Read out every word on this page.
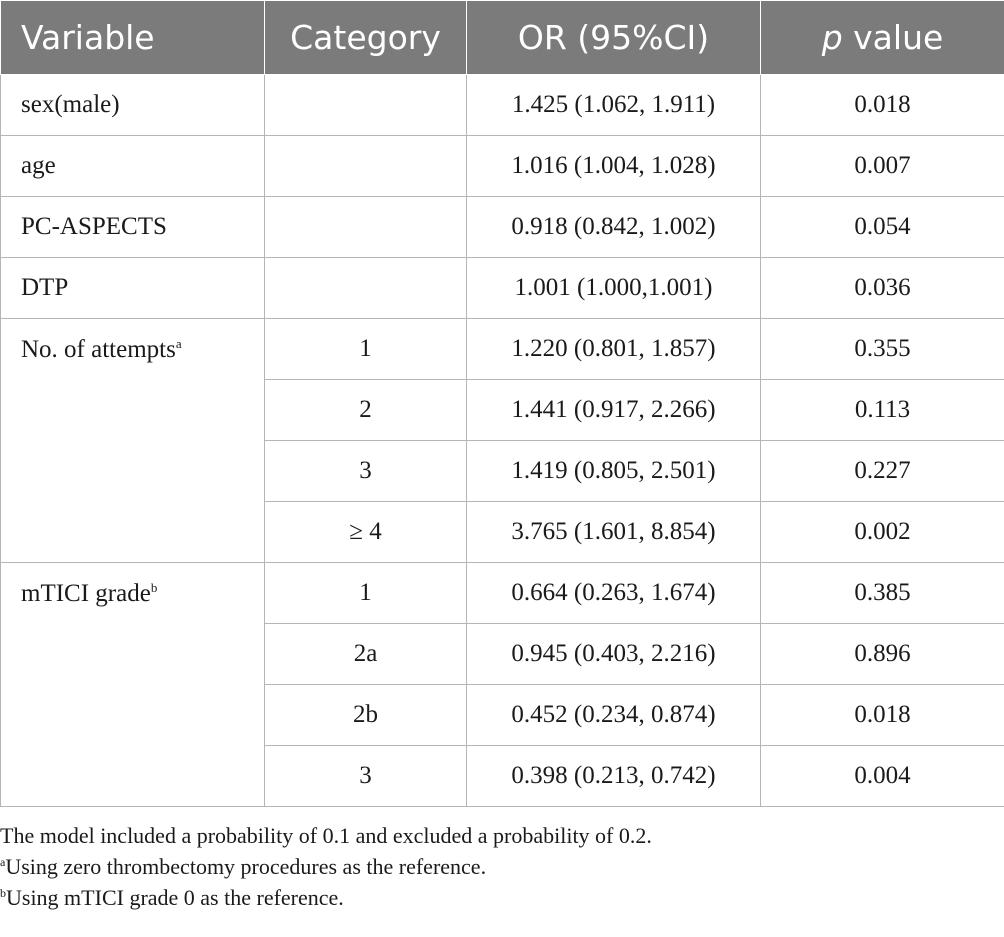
Variable	Category	OR (95%CI)	p value
sex(male)		1.425 (1.062, 1.911)	0.018
age		1.016 (1.004, 1.028)	0.007
PC-ASPECTS		0.918 (0.842, 1.002)	0.054
DTP		1.001 (1.000,1.001)	0.036
No. of attempts$^a$	1	1.220 (0.801, 1.857)	0.355
	2	1.441 (0.917, 2.266)	0.113
	3	1.419 (0.805, 2.501)	0.227
	≥ 4	3.765 (1.601, 8.854)	0.002
mTICI grade$^b$	1	0.664 (0.263, 1.674)	0.385
	2a	0.945 (0.403, 2.216)	0.896
	2b	0.452 (0.234, 0.874)	0.018
	3	0.398 (0.213, 0.742)	0.004
The model included a probability of 0.1 and excluded a probability of 0.2.
$^a$Using zero thrombectomy procedures as the reference.
$^b$Using mTICI grade 0 as the reference.
